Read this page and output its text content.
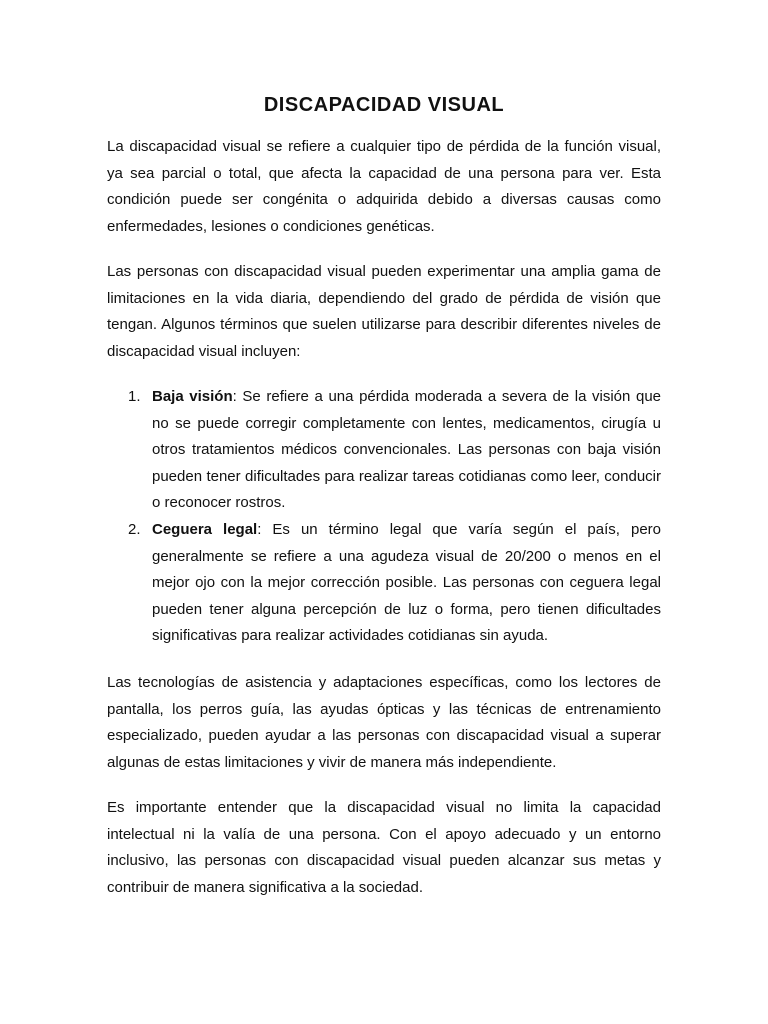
DISCAPACIDAD VISUAL

La discapacidad visual se refiere a cualquier tipo de pérdida de la función visual, ya sea parcial o total, que afecta la capacidad de una persona para ver. Esta condición puede ser congénita o adquirida debido a diversas causas como enfermedades, lesiones o condiciones genéticas.

Las personas con discapacidad visual pueden experimentar una amplia gama de limitaciones en la vida diaria, dependiendo del grado de pérdida de visión que tengan. Algunos términos que suelen utilizarse para describir diferentes niveles de discapacidad visual incluyen:

1. Baja visión: Se refiere a una pérdida moderada a severa de la visión que no se puede corregir completamente con lentes, medicamentos, cirugía u otros tratamientos médicos convencionales. Las personas con baja visión pueden tener dificultades para realizar tareas cotidianas como leer, conducir o reconocer rostros.
2. Ceguera legal: Es un término legal que varía según el país, pero generalmente se refiere a una agudeza visual de 20/200 o menos en el mejor ojo con la mejor corrección posible. Las personas con ceguera legal pueden tener alguna percepción de luz o forma, pero tienen dificultades significativas para realizar actividades cotidianas sin ayuda.

Las tecnologías de asistencia y adaptaciones específicas, como los lectores de pantalla, los perros guía, las ayudas ópticas y las técnicas de entrenamiento especializado, pueden ayudar a las personas con discapacidad visual a superar algunas de estas limitaciones y vivir de manera más independiente.

Es importante entender que la discapacidad visual no limita la capacidad intelectual ni la valía de una persona. Con el apoyo adecuado y un entorno inclusivo, las personas con discapacidad visual pueden alcanzar sus metas y contribuir de manera significativa a la sociedad.
